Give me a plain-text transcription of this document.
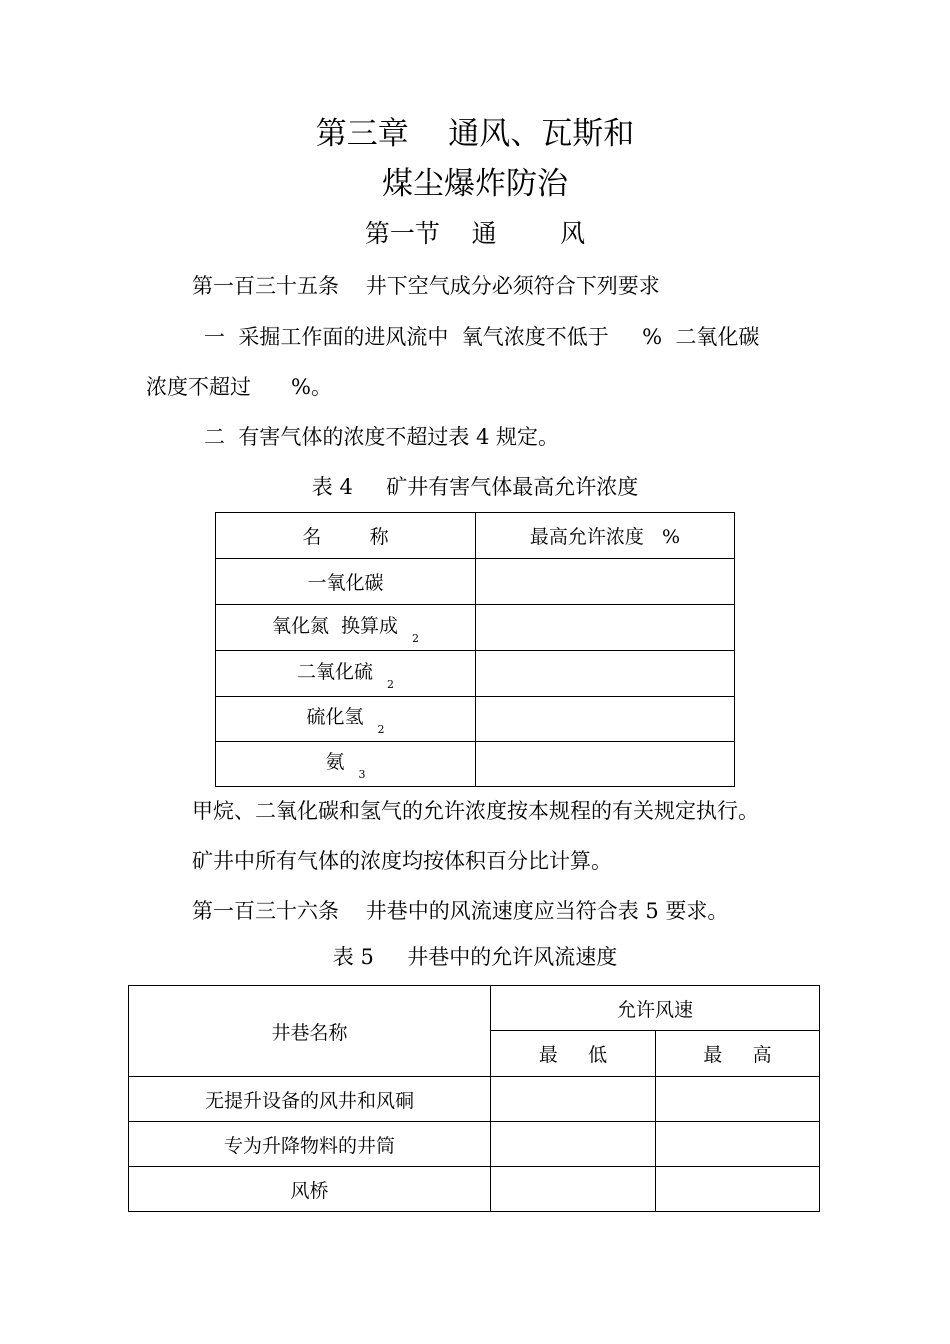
第三章    通风、瓦斯和
煤尘爆炸防治
第一节    通        风
第一百三十五条    井下空气成分必须符合下列要求
一  采掘工作面的进风流中  氧气浓度不低于     %  二氧化碳
浓度不超过      %。
二  有害气体的浓度不超过表 4 规定。
表 4     矿井有害气体最高允许浓度
名        称	最高允许浓度   %
一氧化碳	
氧化氮  换算成$_2$	
二氧化硫$_2$	
硫化氢$_2$	
氨$_3$	
甲烷、二氧化碳和氢气的允许浓度按本规程的有关规定执行。
矿井中所有气体的浓度均按体积百分比计算。
第一百三十六条    井巷中的风流速度应当符合表 5 要求。
表 5     井巷中的允许风流速度
井巷名称	允许风速	
	最     低	最     高
无提升设备的风井和风硐		
专为升降物料的井筒		
风桥		
